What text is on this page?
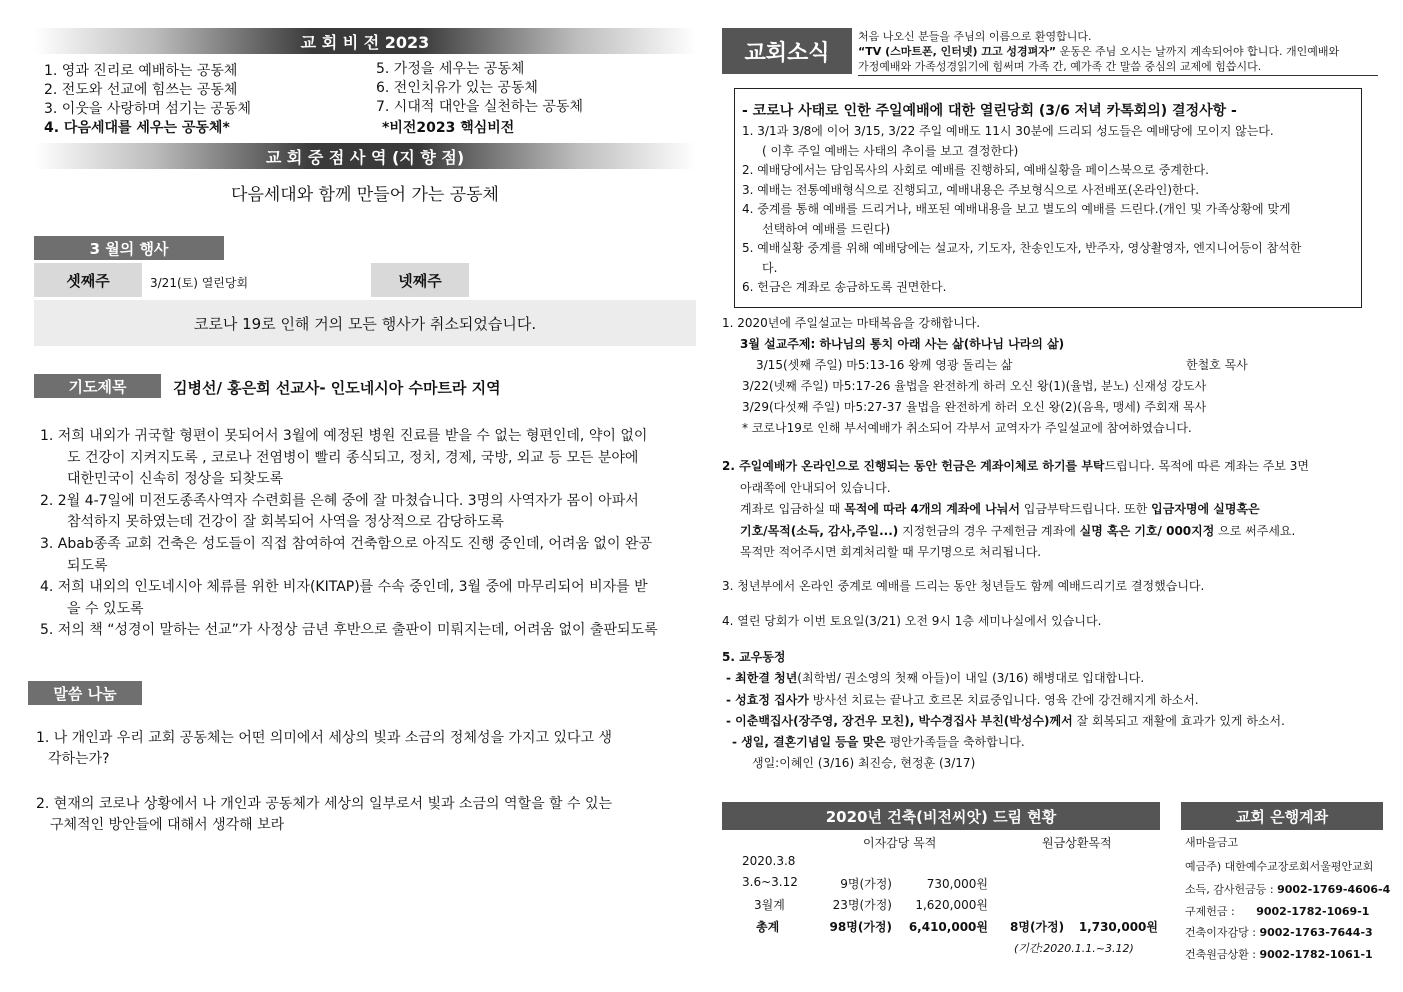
교 회 비 전 2023
1. 영과 진리로 예배하는 공동체
2. 전도와 선교에 힘쓰는 공동체
3. 이웃을 사랑하며 섬기는 공동체
4. 다음세대를 세우는 공동체*
5. 가정을 세우는 공동체
6. 전인치유가 있는 공동체
7. 시대적 대안을 실천하는 공동체
*비전2023 핵심비전
교 회 중 점 사 역 (지 향 점)
다음세대와 함께 만들어 가는 공동체
3 월의 행사
셋째주	3/21(토) 열린당회	넷째주
코로나 19로 인해 거의 모든 행사가 취소되었습니다.
기도제목	김병선/ 홍은희 선교사- 인도네시아 수마트라 지역
1. 저희 내외가 귀국할 형편이 못되어서 3월에 예정된 병원 진료를 받을 수 없는 형편인데, 약이 없이
도 건강이 지켜지도록 , 코로나 전염병이 빨리 종식되고, 정치, 경제, 국방, 외교 등 모든 분야에
대한민국이 신속히 정상을 되찾도록
2. 2월 4-7일에 미전도종족사역자 수련회를 은혜 중에 잘 마쳤습니다. 3명의 사역자가 몸이 아파서
참석하지 못하였는데 건강이 잘 회복되어 사역을 정상적으로 감당하도록
3. Abab종족 교회 건축은 성도들이 직접 참여하여 건축함으로 아직도 진행 중인데, 어려움 없이 완공
되도록
4. 저희 내외의 인도네시아 체류를 위한 비자(KITAP)를 수속 중인데, 3월 중에 마무리되어 비자를 받
을 수 있도록
5. 저의 책 “성경이 말하는 선교”가 사정상 금년 후반으로 출판이 미뤄지는데, 어려움 없이 출판되도록
말씀 나눔
1. 나 개인과 우리 교회 공동체는 어떤 의미에서 세상의 빛과 소금의 정체성을 가지고 있다고 생
각하는가?
2. 현재의 코로나 상황에서 나 개인과 공동체가 세상의 일부로서 빛과 소금의 역할을 할 수 있는
구체적인 방안들에 대해서 생각해 보라
교회소식
처음 나오신 분들을 주님의 이름으로 환영합니다.
“TV (스마트폰, 인터넷) 끄고 성경펴자” 운동은 주님 오시는 날까지 계속되어야 합니다. 개인예배와
가정예배와 가족성경읽기에 힘써며 가족 간, 예가족 간 말씀 중심의 교제에 힘씁시다.
- 코로나 사태로 인한 주일예배에 대한 열린당회 (3/6 저녁 카톡회의) 결정사항 -
1. 3/1과 3/8에 이어 3/15, 3/22 주일 예배도 11시 30분에 드리되 성도들은 예배당에 모이지 않는다.
( 이후 주일 예배는 사태의 추이를 보고 결정한다)
2. 예배당에서는 담임목사의 사회로 예배를 진행하되, 예배실황을 페이스북으로 중계한다.
3. 예배는 전통예배형식으로 진행되고, 예배내용은 주보형식으로 사전배포(온라인)한다.
4. 중계를 통해 예배를 드리거나, 배포된 예배내용을 보고 별도의 예배를 드린다.(개인 및 가족상황에 맞게
선택하여 예배를 드린다)
5. 예배실황 중계를 위해 예배당에는 설교자, 기도자, 찬송인도자, 반주자, 영상촬영자, 엔지니어등이 참석한
다.
6. 헌금은 계좌로 송금하도록 권면한다.
1. 2020년에 주일설교는 마태복음을 강해합니다.
3월 설교주제: 하나님의 통치 아래 사는 삶(하나님 나라의 삶)
3/15(셋째 주일) 마5:13-16 왕께 영광 돌리는 삶	한철호 목사
3/22(넷째 주일) 마5:17-26 율법을 완전하게 하러 오신 왕(1)(율법, 분노) 신재성 강도사
3/29(다섯째 주일) 마5:27-37 율법을 완전하게 하러 오신 왕(2)(음욕, 맹세) 주회재 목사
* 코로나19로 인해 부서예배가 취소되어 각부서 교역자가 주일설교에 참여하였습니다.
2. 주일예배가 온라인으로 진행되는 동안 헌금은 계좌이체로 하기를 부탁드립니다. 목적에 따른 계좌는 주보 3면
아래쪽에 안내되어 있습니다.
계좌로 입금하실 때 목적에 따라 4개의 계좌에 나눠서 입금부탁드립니다. 또한 입금자명에 실명혹은
기호/목적(소득, 감사,주일...) 지정헌금의 경우 구제헌금 계좌에 실명 혹은 기호/ 000지정 으로 써주세요.
목적만 적어주시면 회계처리할 때 무기명으로 처리됩니다.
3. 청년부에서 온라인 중계로 예배를 드리는 동안 청년들도 함께 예배드리기로 결정했습니다.
4. 열린 당회가 이번 토요일(3/21) 오전 9시 1층 세미나실에서 있습니다.
5. 교우동정
- 최한결 청년(최학범/ 권소영의 첫째 아들)이 내일 (3/16) 해병대로 입대합니다.
- 성효정 집사가 방사선 치료는 끝나고 호르몬 치료중입니다. 영육 간에 강건해지게 하소서.
- 이춘백집사(장주영, 장건우 모친), 박수경집사 부친(박성수)께서 잘 회복되고 재활에 효과가 있게 하소서.
- 생일, 결혼기념일 등을 맞은 평안가족들을 축하합니다.
생일:이혜인 (3/16) 최진승, 현정훈 (3/17)
2020년 건축(비전씨앗) 드림 현황
이자감당 목적	원금상환목적
2020.3.8
3.6~3.12	9명(가정)	730,000원
3월계	23명(가정)	1,620,000원
총계	98명(가정)	6,410,000원 8명(가정)	1,730,000원
(기간:2020.1.1.~3.12)
교회 은행계좌
새마을금고
예금주) 대한예수교장로회서울평안교회
소득, 감사헌금등 : 9002-1769-4606-4
구제헌금 : 9002-1782-1069-1
건축이자감당 : 9002-1763-7644-3
건축원금상환 : 9002-1782-1061-1
